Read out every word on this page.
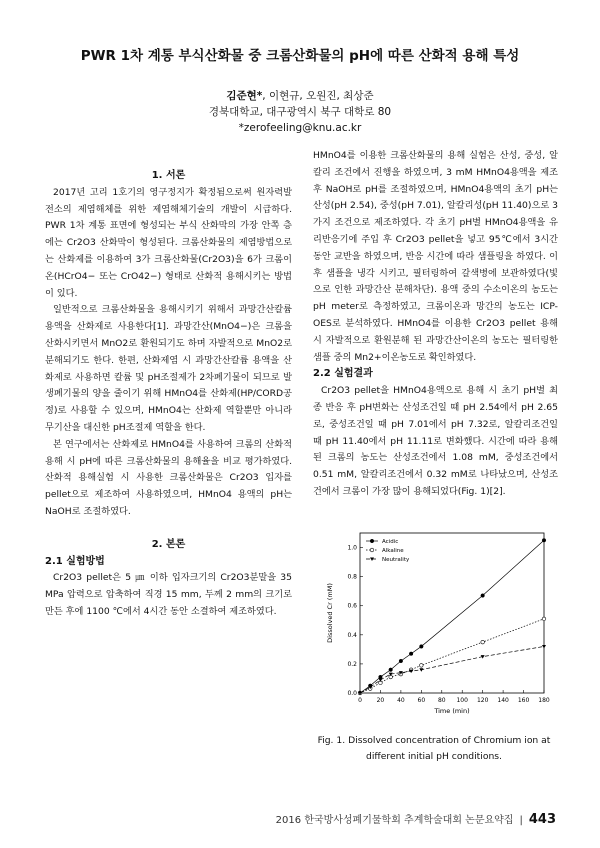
PWR 1차 계통 부식산화물 중 크롬산화물의 pH에 따른 산화적 용해 특성
김준현*, 이현규, 오원진, 최상준
경북대학교, 대구광역시 북구 대학로 80
*zerofeeling@knu.ac.kr

1. 서론

2017년 고리 1호기의 영구정지가 확정됨으로써 원자력발전소의 제염해체를 위한 제염해체기술의 개발이 시급하다. PWR 1차 계통 표면에 형성되는 부식 산화막의 가장 안쪽 층에는 Cr2O3 산화막이 형성된다. 크롬산화물의 제염방법으로는 산화제를 이용하여 3가 크롬산화물(Cr2O3)을 6가 크롬이온(HCrO4− 또는 CrO42−) 형태로 산화적 용해시키는 방법이 있다.

일반적으로 크롬산화물을 용해시키기 위해서 과망간산칼륨용액을 산화제로 사용한다[1]. 과망간산(MnO4−)은 크롬을 산화시키면서 MnO2로 환원되기도 하며 자발적으로 MnO2로 분해되기도 한다. 한편, 산화제염 시 과망간산칼륨 용액을 산화제로 사용하면 칼륨 및 pH조절제가 2차폐기물이 되므로 발생폐기물의 양을 줄이기 위해 HMnO4를 산화제(HP/CORD공정)로 사용할 수 있으며, HMnO4는 산화제 역할뿐만 아니라 무기산을 대신한 pH조절제 역할을 한다.

본 연구에서는 산화제로 HMnO4를 사용하여 크롬의 산화적 용해 시 pH에 따른 크롬산화물의 용해율을 비교 평가하였다. 산화적 용해실험 시 사용한 크롬산화물은 Cr2O3 입자를 pellet으로 제조하여 사용하였으며, HMnO4 용액의 pH는 NaOH로 조절하였다.

2. 본론

2.1 실험방법

Cr2O3 pellet은 5 ㎛ 이하 입자크기의 Cr2O3분말을 35 MPa 압력으로 압축하여 직경 15 mm, 두께 2 mm의 크기로 만든 후에 1100 ℃에서 4시간 동안 소결하여 제조하였다.

HMnO4를 이용한 크롬산화물의 용해 실험은 산성, 중성, 알칼리 조건에서 진행을 하였으며, 3 mM HMnO4용액을 제조 후 NaOH로 pH를 조절하였으며, HMnO4용액의 초기 pH는 산성(pH 2.54), 중성(pH 7.01), 알칼리성(pH 11.40)으로 3가지 조건으로 제조하였다. 각 초기 pH별 HMnO4용액을 유리반응기에 주입 후 Cr2O3 pellet을 넣고 95℃에서 3시간 동안 교반을 하였으며, 반응 시간에 따라 샘플링을 하였다. 이후 샘플을 냉각 시키고, 필터링하여 갈색병에 보관하였다(빛으로 인한 과망간산 분해차단). 용액 중의 수소이온의 농도는 pH meter로 측정하였고, 크롬이온과 망간의 농도는 ICP-OES로 분석하였다. HMnO4를 이용한 Cr2O3 pellet 용해 시 자발적으로 환원분해 된 과망간산이온의 농도는 필터링한 샘플 중의 Mn2+이온농도로 확인하였다.

2.2 실험결과

Cr2O3 pellet을 HMnO4용액으로 용해 시 초기 pH별 최종 반응 후 pH변화는 산성조건일 때 pH 2.54에서 pH 2.65로, 중성조건일 때 pH 7.01에서 pH 7.32로, 알칼리조건일 때 pH 11.40에서 pH 11.11로 변화했다. 시간에 따라 용해된 크롬의 농도는 산성조건에서 1.08 mM, 중성조건에서 0.51 mM, 알칼리조건에서 0.32 mM로 나타났으며, 산성조건에서 크롬이 가장 많이 용해되었다(Fig. 1)[2].

0 20 40 60 80 100 120 140 160 180
0.0
0.2
0.4
0.6
0.8
1.0
Time (min)
Dissolved Cr (mM)
Acidic
Alkaline
Neutrality
Fig. 1. Dissolved concentration of Chromium ion at different initial pH conditions.
2016 한국방사성폐기물학회 추계학술대회 논문요약집 | 443
